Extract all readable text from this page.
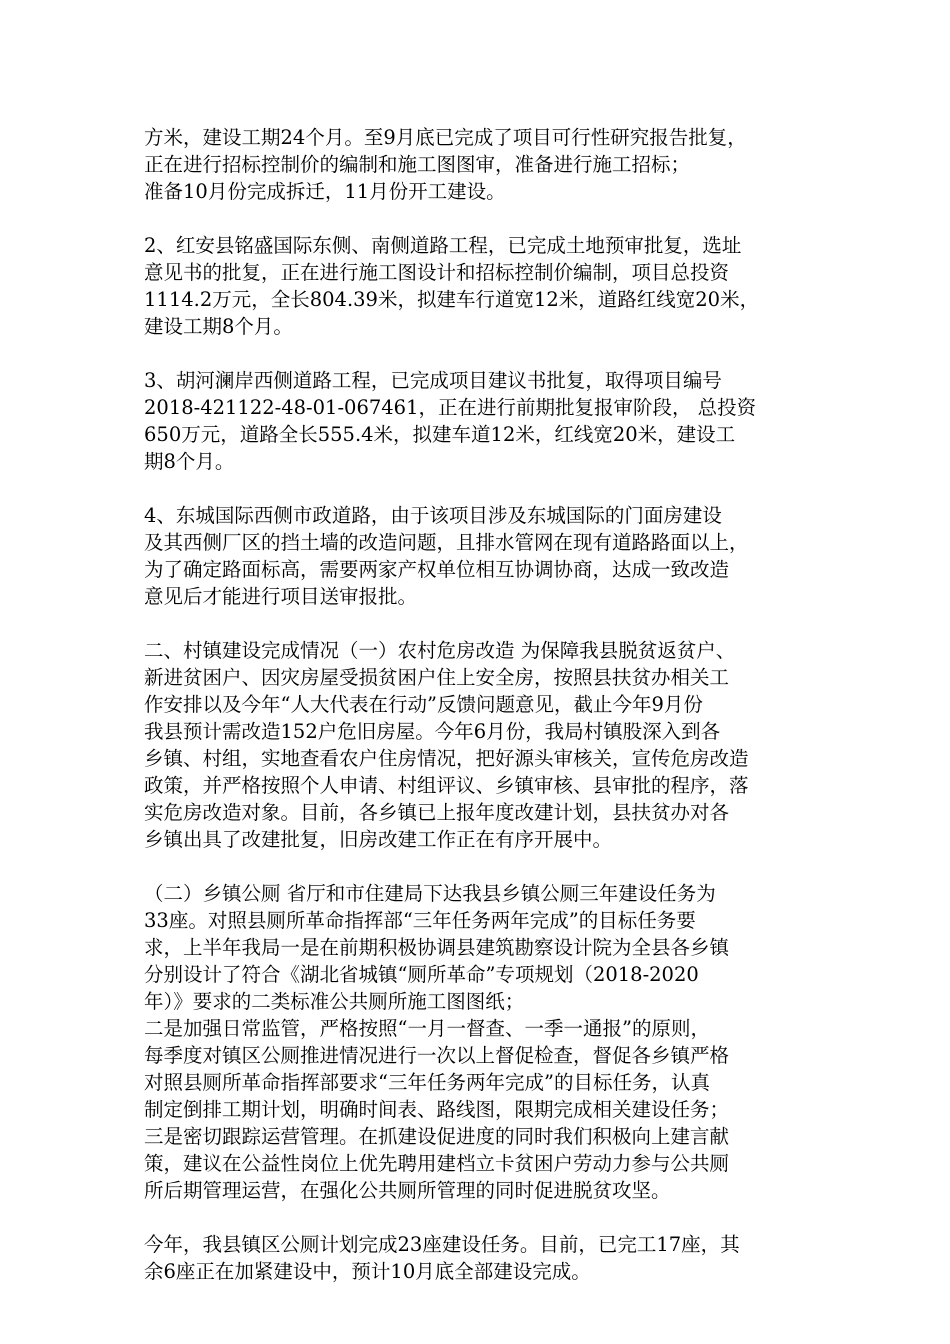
方米，建设工期24个月。至9月底已完成了项目可行性研究报告批复，
正在进行招标控制价的编制和施工图图审，准备进行施工招标；
准备10月份完成拆迁，11月份开工建设。
2、红安县铭盛国际东侧、南侧道路工程，已完成土地预审批复，选址
意见书的批复，正在进行施工图设计和招标控制价编制，项目总投资
1114.2万元，全长804.39米，拟建车行道宽12米，道路红线宽20米，
建设工期8个月。
3、胡河澜岸西侧道路工程，已完成项目建议书批复，取得项目编号
2018-421122-48-01-067461，正在进行前期批复报审阶段， 总投资
650万元，道路全长555.4米，拟建车道12米，红线宽20米，建设工
期8个月。
4、东城国际西侧市政道路，由于该项目涉及东城国际的门面房建设
及其西侧厂区的挡土墙的改造问题，且排水管网在现有道路路面以上，
为了确定路面标高，需要两家产权单位相互协调协商，达成一致改造
意见后才能进行项目送审报批。
二、村镇建设完成情况（一）农村危房改造 为保障我县脱贫返贫户、
新进贫困户、因灾房屋受损贫困户住上安全房，按照县扶贫办相关工
作安排以及今年“人大代表在行动”反馈问题意见，截止今年9月份
我县预计需改造152户危旧房屋。今年6月份，我局村镇股深入到各
乡镇、村组，实地查看农户住房情况，把好源头审核关，宣传危房改造
政策，并严格按照个人申请、村组评议、乡镇审核、县审批的程序，落
实危房改造对象。目前，各乡镇已上报年度改建计划，县扶贫办对各
乡镇出具了改建批复，旧房改建工作正在有序开展中。
（二）乡镇公厕 省厅和市住建局下达我县乡镇公厕三年建设任务为
33座。对照县厕所革命指挥部“三年任务两年完成”的目标任务要
求，上半年我局一是在前期积极协调县建筑勘察设计院为全县各乡镇
分别设计了符合《湖北省城镇“厕所革命”专项规划（2018-2020
年）》要求的二类标准公共厕所施工图图纸；
二是加强日常监管，严格按照“一月一督查、一季一通报”的原则，
每季度对镇区公厕推进情况进行一次以上督促检查，督促各乡镇严格
对照县厕所革命指挥部要求“三年任务两年完成”的目标任务，认真
制定倒排工期计划，明确时间表、路线图，限期完成相关建设任务；
三是密切跟踪运营管理。在抓建设促进度的同时我们积极向上建言献
策，建议在公益性岗位上优先聘用建档立卡贫困户劳动力参与公共厕
所后期管理运营，在强化公共厕所管理的同时促进脱贫攻坚。
今年，我县镇区公厕计划完成23座建设任务。目前，已完工17座，其
余6座正在加紧建设中，预计10月底全部建设完成。
